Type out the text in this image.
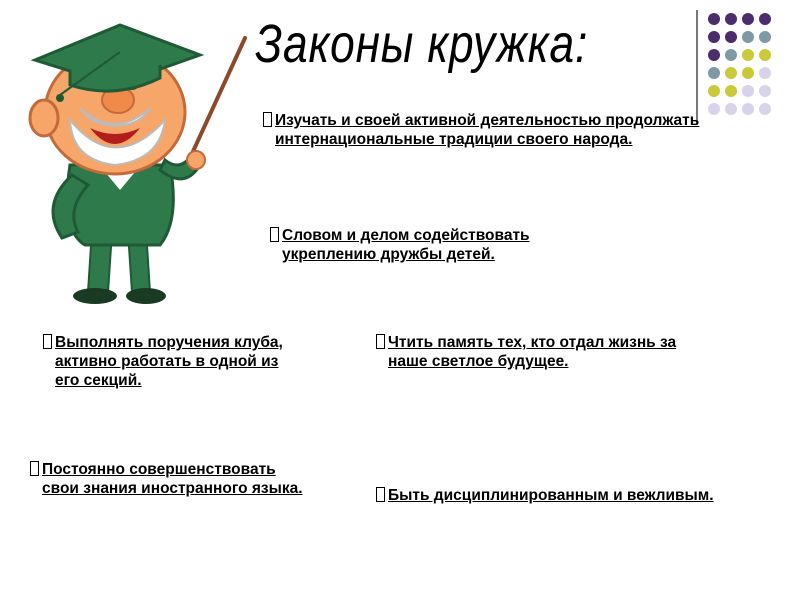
Законы кружка:
Изучать и своей активной деятельностью продолжать интернациональные традиции своего народа.
Словом и делом содействовать укреплению дружбы детей.
Выполнять поручения клуба, активно работать в одной из его секций.
Чтить память тех, кто отдал жизнь за наше светлое будущее.
Постоянно совершенствовать свои знания иностранного языка.	Быть дисциплинированным и вежливым.
